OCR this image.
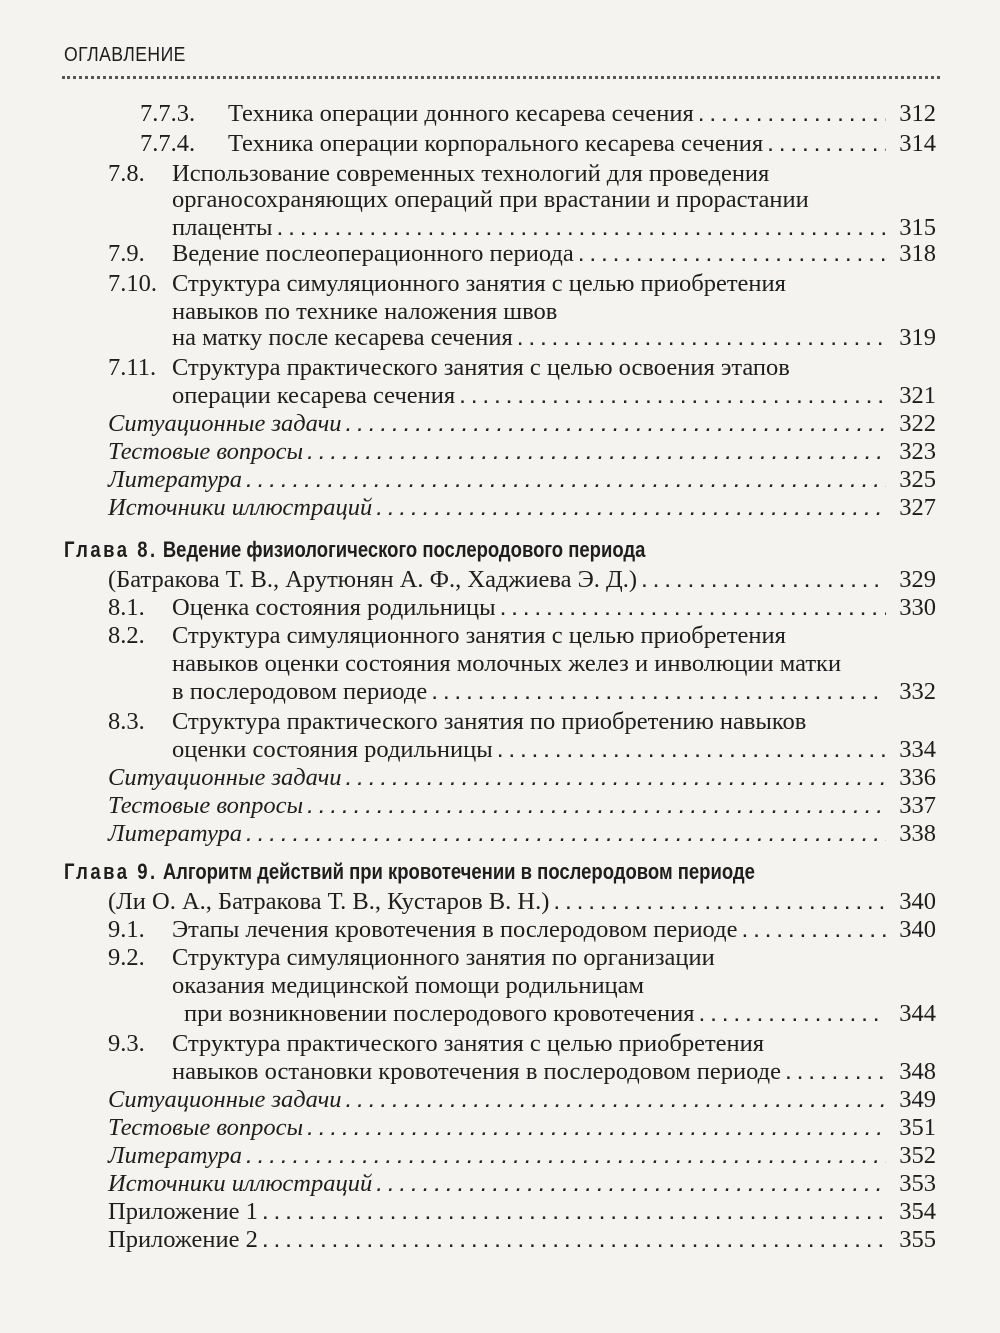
ОГЛАВЛЕНИЕ
7.7.3. Техника операции донного кесарева сечения . . .	312
7.7.4. Техника операции корпорального кесарева сечения . . .	314
7.8. Использование современных технологий для проведения
органосохраняющих операций при врастании и прорастании
плаценты . . .	315
7.9. Ведение послеоперационного периода . . .	318
7.10. Структура симуляционного занятия с целью приобретения
навыков по технике наложения швов
на матку после кесарева сечения . . .	319
7.11. Структура практического занятия с целью освоения этапов
операции кесарева сечения . . .	321
Ситуационные задачи . . .	322
Тестовые вопросы . . .	323
Литература . . .	325
Источники иллюстраций . . .	327
Глава 8. Ведение физиологического послеродового периода
(Батракова Т. В., Арутюнян А. Ф., Хаджиева Э. Д.) . . .	329
8.1. Оценка состояния родильницы . . .	330
8.2. Структура симуляционного занятия с целью приобретения
навыков оценки состояния молочных желез и инволюции матки
в послеродовом периоде . . .	332
8.3. Структура практического занятия по приобретению навыков
оценки состояния родильницы . . .	334
Ситуационные задачи . . .	336
Тестовые вопросы . . .	337
Литература . . .	338
Глава 9. Алгоритм действий при кровотечении в послеродовом периоде
(Ли О. А., Батракова Т. В., Кустаров В. Н.) . . .	340
9.1. Этапы лечения кровотечения в послеродовом периоде . . .	340
9.2. Структура симуляционного занятия по организации
оказания медицинской помощи родильницам
при возникновении послеродового кровотечения . . .	344
9.3. Структура практического занятия с целью приобретения
навыков остановки кровотечения в послеродовом периоде . . .	348
Ситуационные задачи . . .	349
Тестовые вопросы . . .	351
Литература . . .	352
Источники иллюстраций . . .	353
Приложение 1 . . .	354
Приложение 2 . . .	355
